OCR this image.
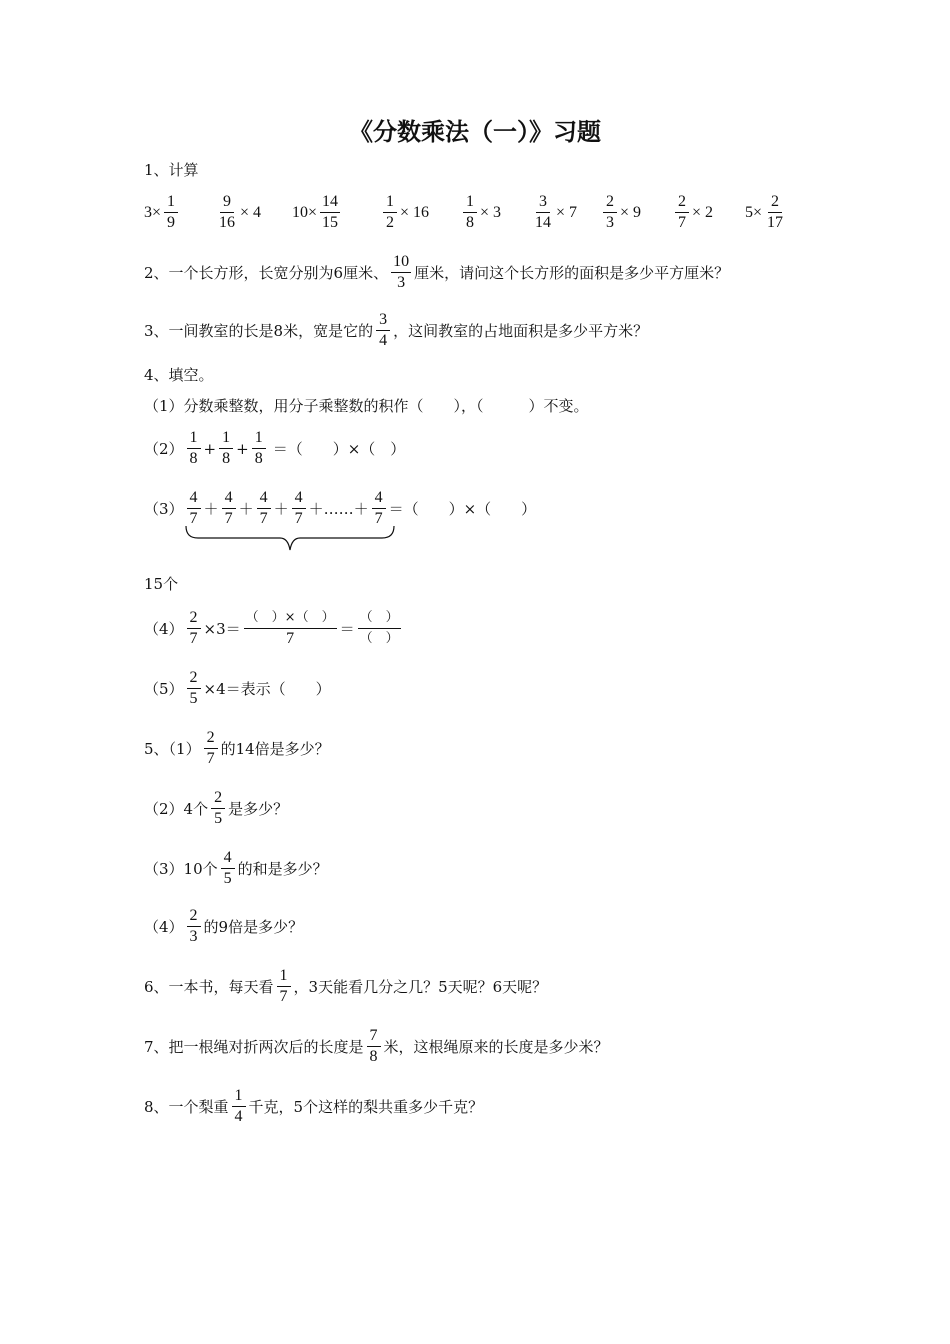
《分数乘法（一）》习题
1、计算
$3\times \frac{1}{9} \frac{9}{16} \times 4$ $10\times \frac{14}{15}$	$\frac{1}{2} \times 16 \frac{1}{8} \times 3 \frac{3}{14} \times 7 \frac{2}{3} \times 9 \frac{2}{7} \times 2$ $5\times \frac{2}{17}$
2、一个长方形，长宽分别为6厘米、 $\frac{10}{3}$ 厘米，请问这个长方形的面积是多少平方厘米？
3、一间教室的长是8米，宽是它的 $\frac{3}{4}$ ，这间教室的占地面积是多少平方米？
4、填空。
（1）分数乘整数，用分子乘整数的积作（　　），（　　　）不变。
$(2) \frac{1}{8} + \frac{1}{8} + \frac{1}{8}$ ＝（　　）×（　）
$(3) \frac{4}{7} + \frac{4}{7} + \frac{4}{7} + \frac{4}{7}$ ＋……＋ $\frac{4}{7}$ ＝（　　）×（　　）
15个
$(4) \frac{2}{7} \times 3= \frac{( )\times( )}{7} = \frac{( )}{( )}$
$(5) \frac{2}{5} \times 4=$表示（　　）
5、$(1) \frac{2}{7}$ 的14倍是多少？
（2）4个 $\frac{2}{5}$ 是多少？
（3）10个 $\frac{4}{5}$ 的和是多少？
$(4) \frac{2}{3}$ 的9倍是多少？
6、一本书，每天看 $\frac{1}{7}$ ，3天能看几分之几？5天呢？6天呢？
7、把一根绳对折两次后的长度是 $\frac{7}{8}$ 米，这根绳原来的长度是多少米？
8、一个梨重 $\frac{1}{4}$ 千克，5个这样的梨共重多少千克？
